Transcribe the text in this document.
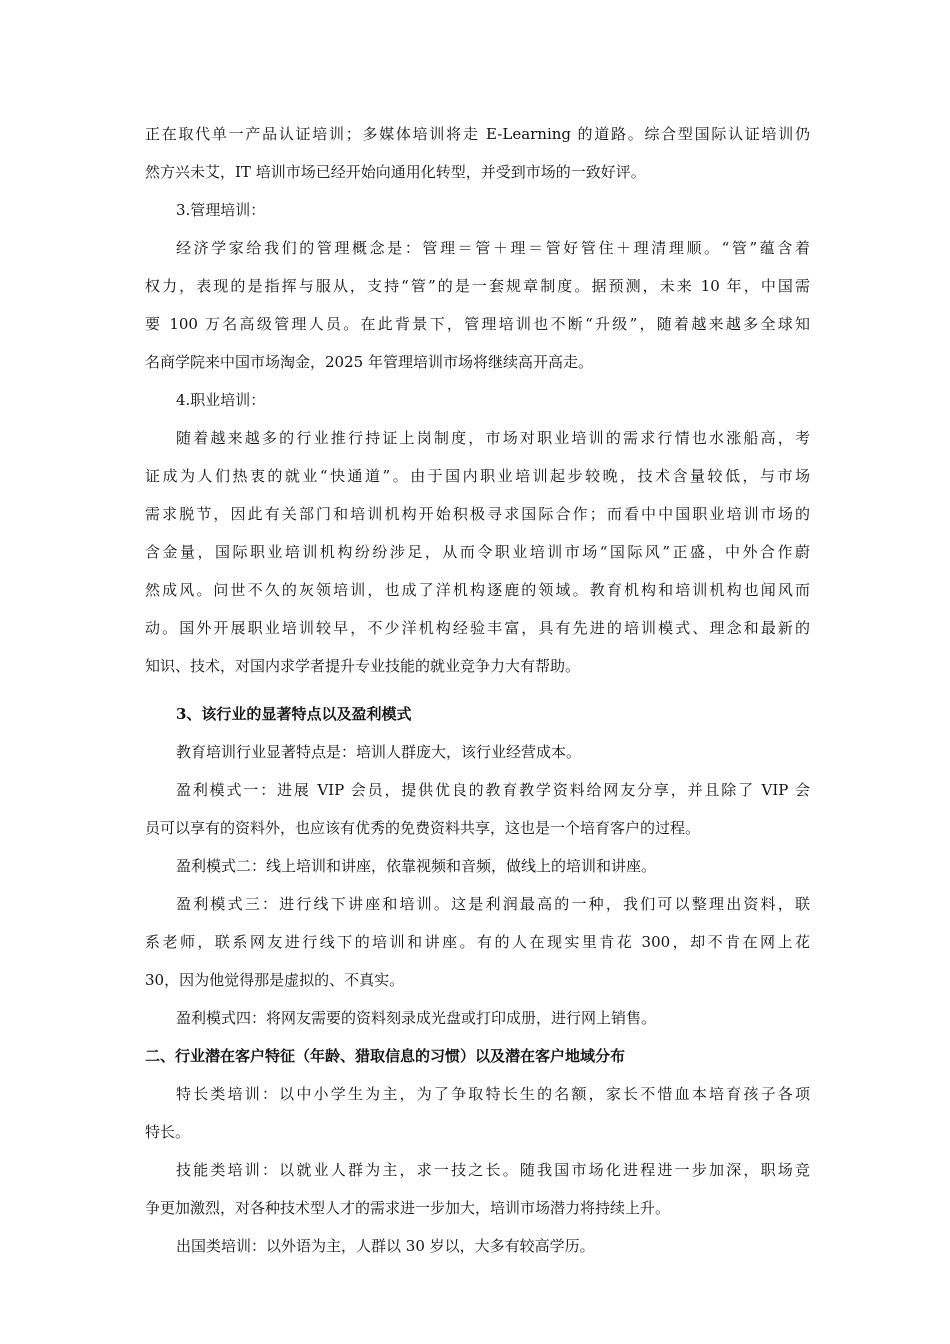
正在取代单一产品认证培训；多媒体培训将走 E-Learning 的道路。综合型国际认证培训仍
然方兴未艾，IT 培训市场已经开始向通用化转型，并受到市场的一致好评。
3.管理培训：
经济学家给我们的管理概念是：管理＝管＋理＝管好管住＋理清理顺。“管”蕴含着
权力，表现的是指挥与服从，支持“管”的是一套规章制度。据预测，未来 10 年，中国需
要 100 万名高级管理人员。在此背景下，管理培训也不断“升级”，随着越来越多全球知
名商学院来中国市场淘金，2025 年管理培训市场将继续高开高走。
4.职业培训：
随着越来越多的行业推行持证上岗制度，市场对职业培训的需求行情也水涨船高，考
证成为人们热衷的就业“快通道”。由于国内职业培训起步较晚，技术含量较低，与市场
需求脱节，因此有关部门和培训机构开始积极寻求国际合作；而看中中国职业培训市场的
含金量，国际职业培训机构纷纷涉足，从而令职业培训市场“国际风”正盛，中外合作蔚
然成风。问世不久的灰领培训，也成了洋机构逐鹿的领域。教育机构和培训机构也闻风而
动。国外开展职业培训较早，不少洋机构经验丰富，具有先进的培训模式、理念和最新的
知识、技术，对国内求学者提升专业技能的就业竞争力大有帮助。
3、该行业的显著特点以及盈利模式
教育培训行业显著特点是：培训人群庞大，该行业经营成本。
盈利模式一：进展 VIP 会员，提供优良的教育教学资料给网友分享，并且除了 VIP 会
员可以享有的资料外，也应该有优秀的免费资料共享，这也是一个培育客户的过程。
盈利模式二：线上培训和讲座，依靠视频和音频，做线上的培训和讲座。
盈利模式三：进行线下讲座和培训。这是利润最高的一种，我们可以整理出资料，联
系老师，联系网友进行线下的培训和讲座。有的人在现实里肯花 300，却不肯在网上花
30，因为他觉得那是虚拟的、不真实。
盈利模式四：将网友需要的资料刻录成光盘或打印成册，进行网上销售。
二、行业潜在客户特征（年龄、猎取信息的习惯）以及潜在客户地域分布
特长类培训：以中小学生为主，为了争取特长生的名额，家长不惜血本培育孩子各项
特长。
技能类培训：以就业人群为主，求一技之长。随我国市场化进程进一步加深，职场竞
争更加激烈，对各种技术型人才的需求进一步加大，培训市场潜力将持续上升。
出国类培训：以外语为主，人群以 30 岁以，大多有较高学历。
